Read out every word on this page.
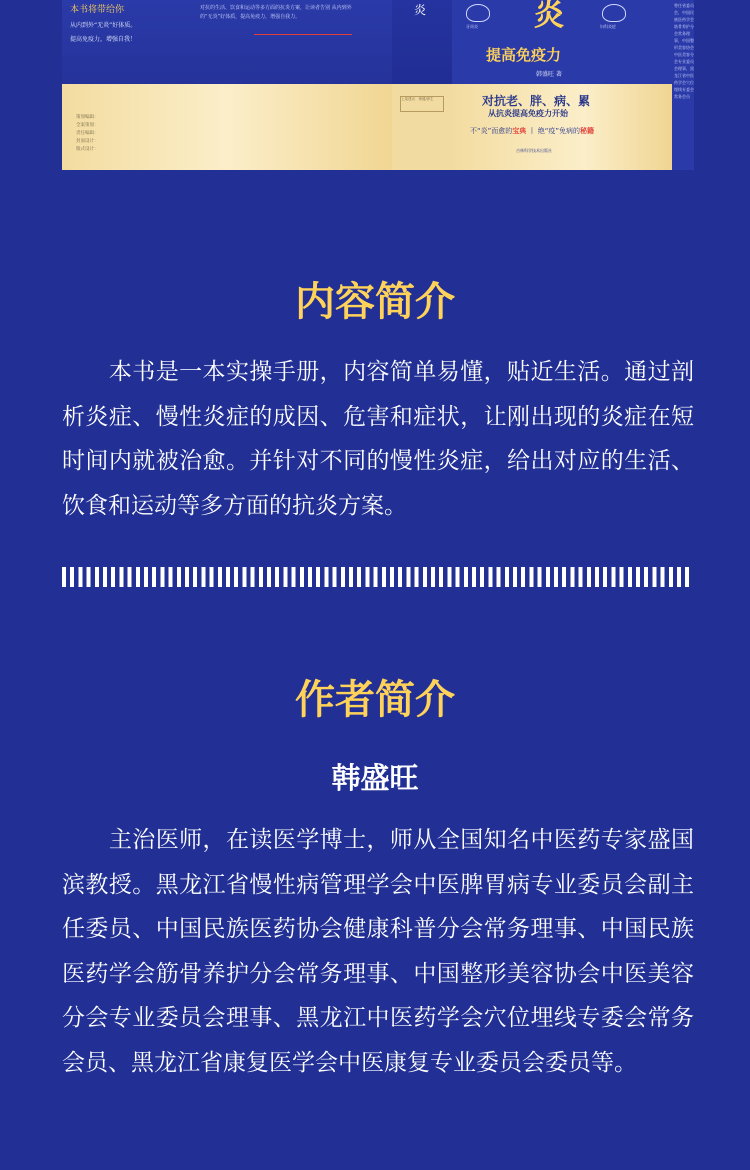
本书将带给你
从内到外“无炎”好体质。
提高免疫力，增强自我！
对抗的生活、饮食和运动等多方面的抗炎方案，让读者告别 从内到外的“无炎”好体质，提高免疫力，增强自我力。
策划编辑：
全案策划：
责任编辑：
封面设计：
版式设计：
炎
上架建议：保健/养生
牙周炎	妇科炎症
炎
提高免疫力
韩盛旺 著
对抗老、胖、病、累
从抗炎提高免疫力开始
不“炎”而愈的宝典 丨 绝“疫”免病的秘籍
吉林科学技术出版社
曾任省委员会，中国民族医药学会筋骨养护分会常务理事，中国整形美容协会中医美容分会专业委员会理事，黑龙江省中医药学会穴位埋线专委会常务会员
内容简介
　　本书是一本实操手册，内容简单易懂，贴近生活。通过剖析炎症、慢性炎症的成因、危害和症状，让刚出现的炎症在短时间内就被治愈。并针对不同的慢性炎症，给出对应的生活、饮食和运动等多方面的抗炎方案。
作者简介
韩盛旺
　　主治医师，在读医学博士，师从全国知名中医药专家盛国滨教授。黑龙江省慢性病管理学会中医脾胃病专业委员会副主任委员、中国民族医药协会健康科普分会常务理事、中国民族医药学会筋骨养护分会常务理事、中国整形美容协会中医美容分会专业委员会理事、黑龙江中医药学会穴位埋线专委会常务会员、黑龙江省康复医学会中医康复专业委员会委员等。
